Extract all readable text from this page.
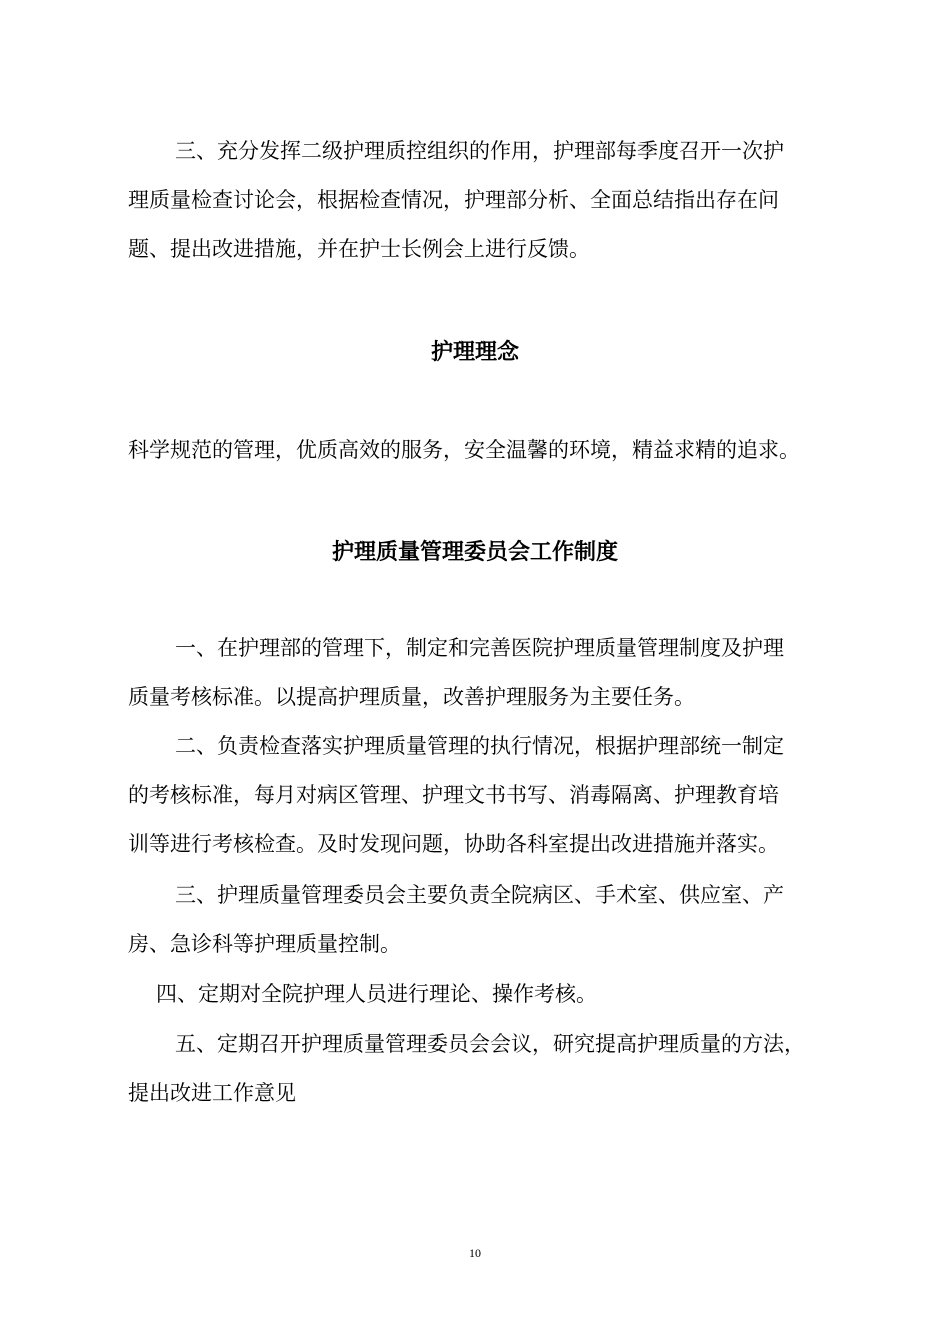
三、充分发挥二级护理质控组织的作用，护理部每季度召开一次护
理质量检查讨论会，根据检查情况，护理部分析、全面总结指出存在问
题、提出改进措施，并在护士长例会上进行反馈。
护理理念
科学规范的管理，优质高效的服务，安全温馨的环境，精益求精的追求。
护理质量管理委员会工作制度
一、在护理部的管理下，制定和完善医院护理质量管理制度及护理
质量考核标准。以提高护理质量，改善护理服务为主要任务。
二、负责检查落实护理质量管理的执行情况，根据护理部统一制定
的考核标准，每月对病区管理、护理文书书写、消毒隔离、护理教育培
训等进行考核检查。及时发现问题，协助各科室提出改进措施并落实。
三、护理质量管理委员会主要负责全院病区、手术室、供应室、产
房、急诊科等护理质量控制。
四、定期对全院护理人员进行理论、操作考核。
五、定期召开护理质量管理委员会会议，研究提高护理质量的方法，
提出改进工作意见
10
